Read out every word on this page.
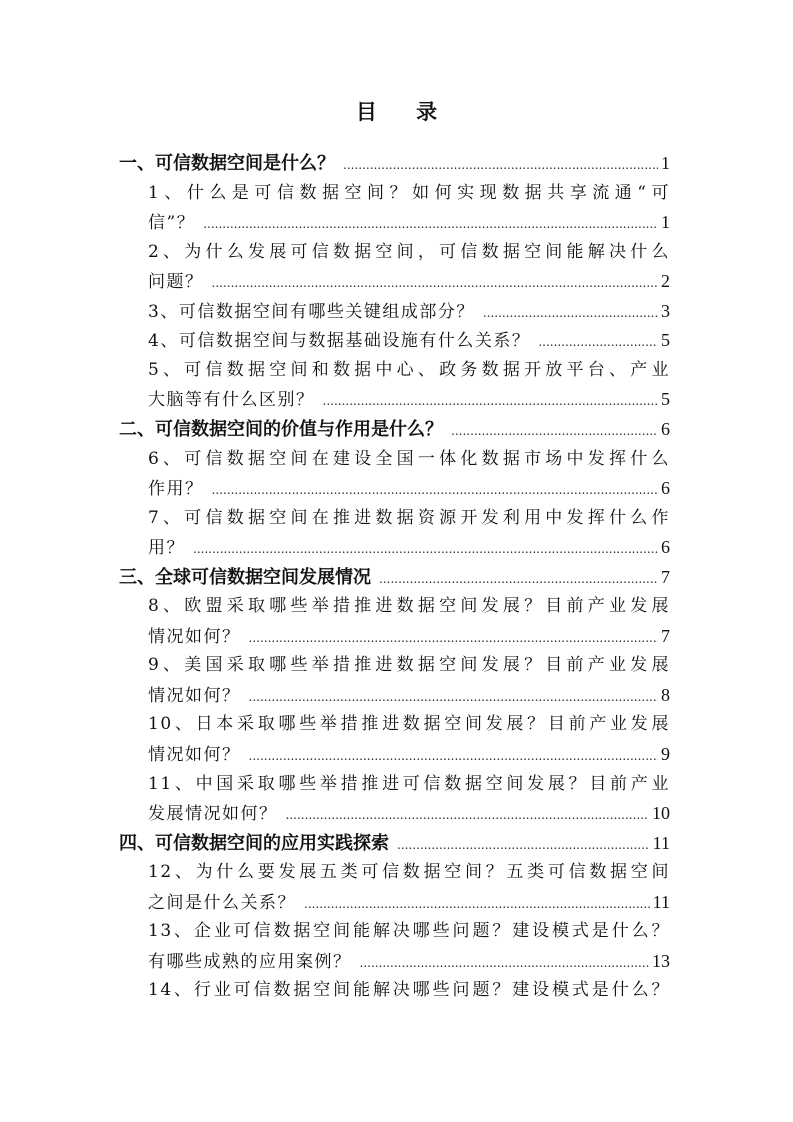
目 录
一、可信数据空间是什么？ .....	1
1、什么是可信数据空间？如何实现数据共享流通“可
信”？ .....	1
2、为什么发展可信数据空间，可信数据空间能解决什么
问题？ .....	2
3、可信数据空间有哪些关键组成部分？ .....	3
4、可信数据空间与数据基础设施有什么关系？ .....	5
5、可信数据空间和数据中心、政务数据开放平台、产业
大脑等有什么区别？ .....	5
二、可信数据空间的价值与作用是什么？ .....	6
6、可信数据空间在建设全国一体化数据市场中发挥什么
作用？ .....	6
7、可信数据空间在推进数据资源开发利用中发挥什么作
用？ .....	6
三、全球可信数据空间发展情况 .....	7
8、欧盟采取哪些举措推进数据空间发展？目前产业发展
情况如何？ .....	7
9、美国采取哪些举措推进数据空间发展？目前产业发展
情况如何？ .....	8
10、日本采取哪些举措推进数据空间发展？目前产业发展
情况如何？ .....	9
11、中国采取哪些举措推进可信数据空间发展？目前产业
发展情况如何？ .....	10
四、可信数据空间的应用实践探索 .....	11
12、为什么要发展五类可信数据空间？五类可信数据空间
之间是什么关系？ .....	11
13、企业可信数据空间能解决哪些问题？建设模式是什么？
有哪些成熟的应用案例？ .....	13
14、行业可信数据空间能解决哪些问题？建设模式是什么？
